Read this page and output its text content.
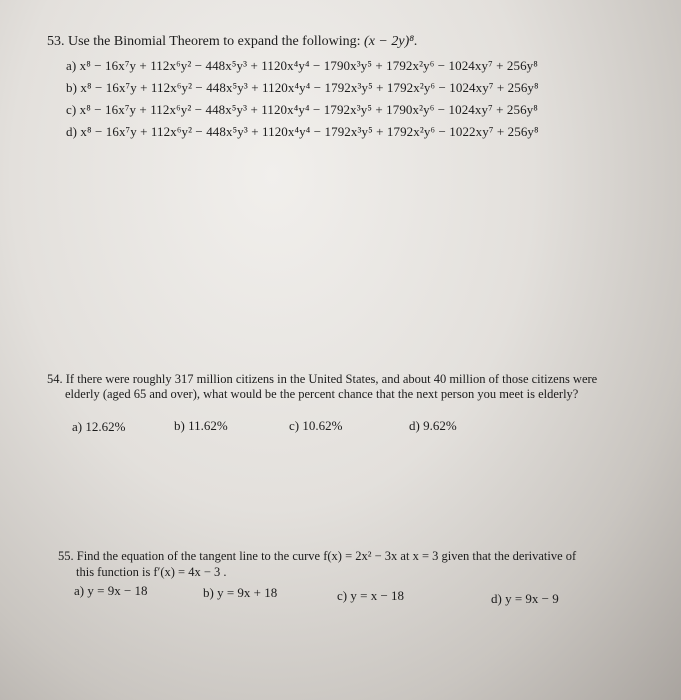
53. Use the Binomial Theorem to expand the following: (x − 2y)⁸.
a) x⁸ − 16x⁷y + 112x⁶y² − 448x⁵y³ + 1120x⁴y⁴ − 1790x³y⁵ + 1792x²y⁶ − 1024xy⁷ + 256y⁸
b) x⁸ − 16x⁷y + 112x⁶y² − 448x⁵y³ + 1120x⁴y⁴ − 1792x³y⁵ + 1792x²y⁶ − 1024xy⁷ + 256y⁸
c) x⁸ − 16x⁷y + 112x⁶y² − 448x⁵y³ + 1120x⁴y⁴ − 1792x³y⁵ + 1790x²y⁶ − 1024xy⁷ + 256y⁸
d) x⁸ − 16x⁷y + 112x⁶y² − 448x⁵y³ + 1120x⁴y⁴ − 1792x³y⁵ + 1792x²y⁶ − 1022xy⁷ + 256y⁸
54. If there were roughly 317 million citizens in the United States, and about 40 million of those citizens were
elderly (aged 65 and over), what would be the percent chance that the next person you meet is elderly?
a) 12.62%	b) 11.62%	c) 10.62%	d) 9.62%
55. Find the equation of the tangent line to the curve f(x) = 2x² − 3x at x = 3 given that the derivative of
this function is f′(x) = 4x − 3 .
a) y = 9x − 18	b) y = 9x + 18	c) y = x − 18	d) y = 9x − 9
